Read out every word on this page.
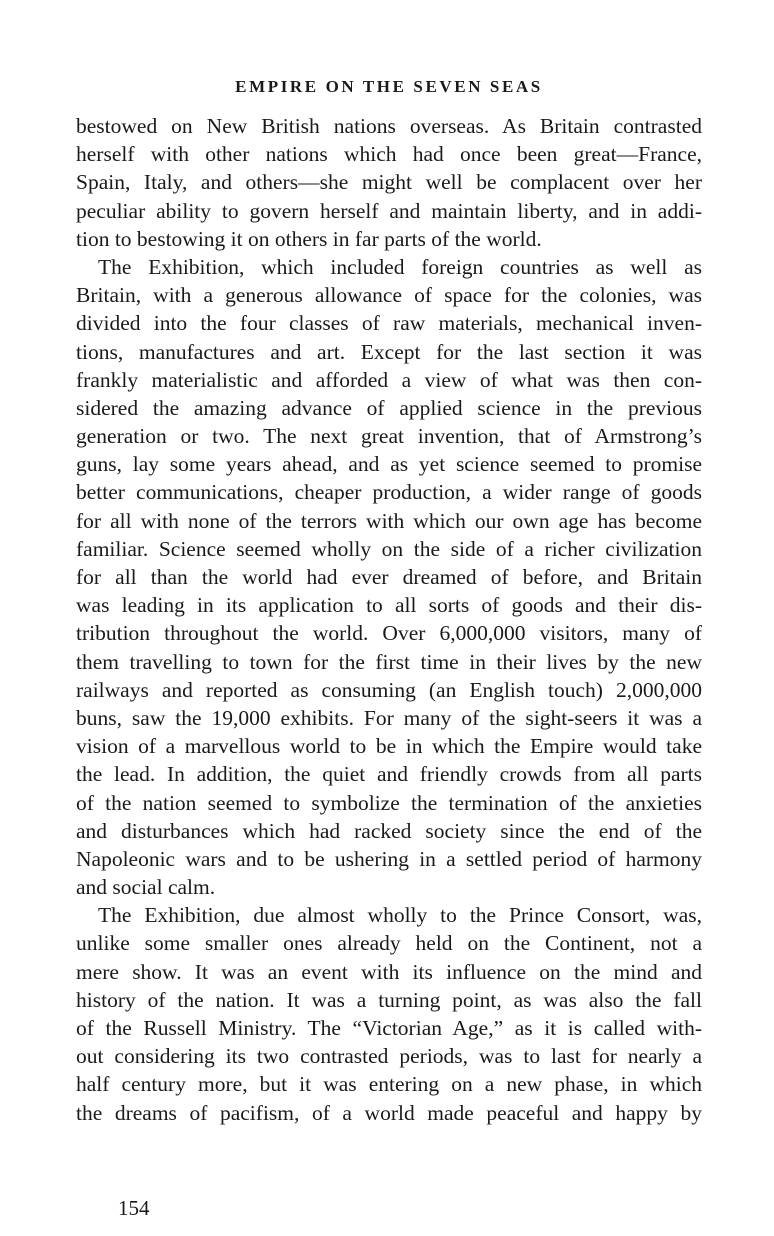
EMPIRE ON THE SEVEN SEAS
bestowed on New British nations overseas. As Britain contrasted
herself with other nations which had once been great—France,
Spain, Italy, and others—she might well be complacent over her
peculiar ability to govern herself and maintain liberty, and in addi-
tion to bestowing it on others in far parts of the world.
The Exhibition, which included foreign countries as well as
Britain, with a generous allowance of space for the colonies, was
divided into the four classes of raw materials, mechanical inven-
tions, manufactures and art. Except for the last section it was
frankly materialistic and afforded a view of what was then con-
sidered the amazing advance of applied science in the previous
generation or two. The next great invention, that of Armstrong’s
guns, lay some years ahead, and as yet science seemed to promise
better communications, cheaper production, a wider range of goods
for all with none of the terrors with which our own age has become
familiar. Science seemed wholly on the side of a richer civilization
for all than the world had ever dreamed of before, and Britain
was leading in its application to all sorts of goods and their dis-
tribution throughout the world. Over 6,000,000 visitors, many of
them travelling to town for the first time in their lives by the new
railways and reported as consuming (an English touch) 2,000,000
buns, saw the 19,000 exhibits. For many of the sight-seers it was a
vision of a marvellous world to be in which the Empire would take
the lead. In addition, the quiet and friendly crowds from all parts
of the nation seemed to symbolize the termination of the anxieties
and disturbances which had racked society since the end of the
Napoleonic wars and to be ushering in a settled period of harmony
and social calm.
The Exhibition, due almost wholly to the Prince Consort, was,
unlike some smaller ones already held on the Continent, not a
mere show. It was an event with its influence on the mind and
history of the nation. It was a turning point, as was also the fall
of the Russell Ministry. The “Victorian Age,” as it is called with-
out considering its two contrasted periods, was to last for nearly a
half century more, but it was entering on a new phase, in which
the dreams of pacifism, of a world made peaceful and happy by
154
